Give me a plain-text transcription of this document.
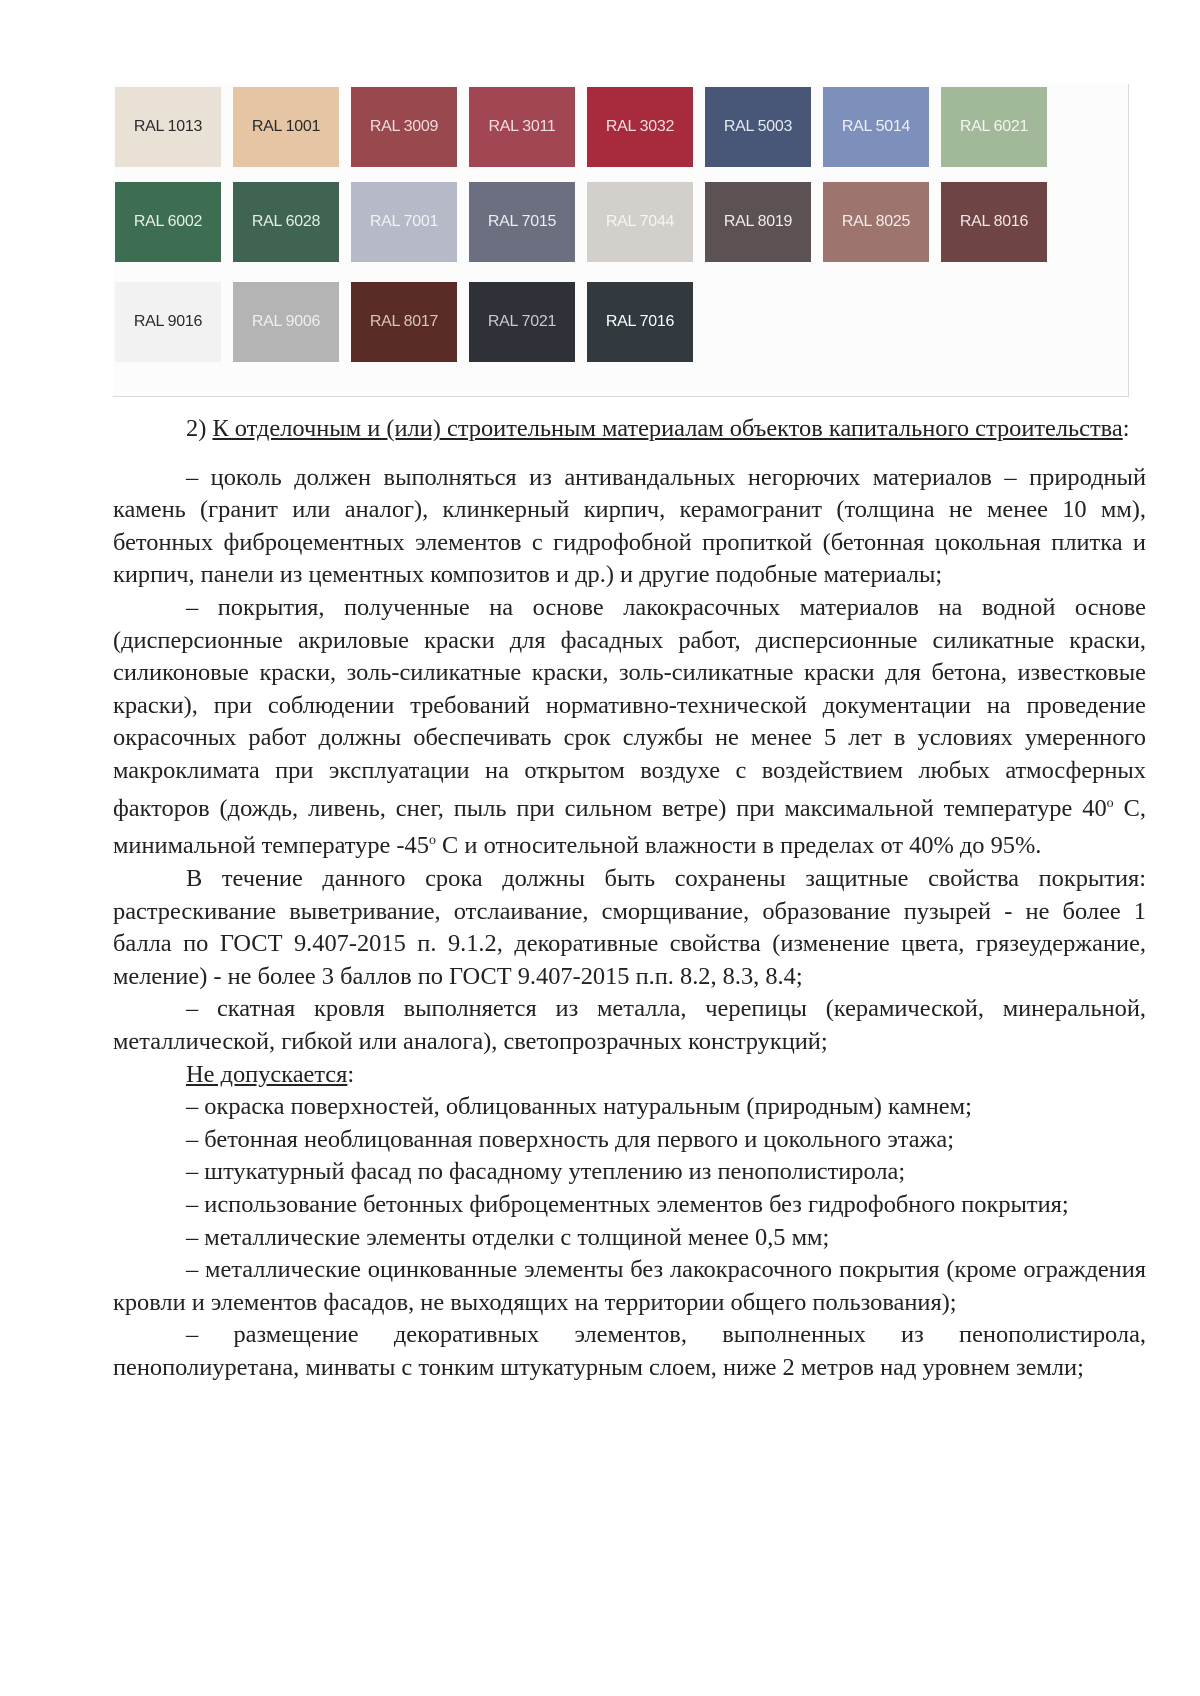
RAL 1013	RAL 1001	RAL 3009	RAL 3011	RAL 3032	RAL 5003	RAL 5014	RAL 6021
RAL 6002	RAL 6028	RAL 7001	RAL 7015	RAL 7044	RAL 8019	RAL 8025	RAL 8016
RAL 9016	RAL 9006	RAL 8017	RAL 7021	RAL 7016

2) К отделочным и (или) строительным материалам объектов капитального строительства:

– цоколь должен выполняться из антивандальных негорючих материалов – природный камень (гранит или аналог), клинкерный кирпич, керамогранит (толщина не менее 10 мм), бетонных фиброцементных элементов с гидрофобной пропиткой (бетонная цокольная плитка и кирпич, панели из цементных композитов и др.) и другие подобные материалы;

– покрытия, полученные на основе лакокрасочных материалов на водной основе (дисперсионные акриловые краски для фасадных работ, дисперсионные силикатные краски, силиконовые краски, золь-силикатные краски, золь-силикатные краски для бетона, известковые краски), при соблюдении требований нормативно-технической документации на проведение окрасочных работ должны обеспечивать срок службы не менее 5 лет в условиях умеренного макроклимата при эксплуатации на открытом воздухе с воздействием любых атмосферных факторов (дождь, ливень, снег, пыль при сильном ветре) при максимальной температуре 40$^o$ С, минимальной температуре -45$^o$ С и относительной влажности в пределах от 40% до 95%.

В течение данного срока должны быть сохранены защитные свойства покрытия: растрескивание выветривание, отслаивание, сморщивание, образование пузырей - не более 1 балла по ГОСТ 9.407-2015 п. 9.1.2, декоративные свойства (изменение цвета, грязеудержание, меление) - не более 3 баллов по ГОСТ 9.407-2015 п.п. 8.2, 8.3, 8.4;

– скатная кровля выполняется из металла, черепицы (керамической, минеральной, металлической, гибкой или аналога), светопрозрачных конструкций;

Не допускается:

– окраска поверхностей, облицованных натуральным (природным) камнем;

– бетонная необлицованная поверхность для первого и цокольного этажа;

– штукатурный фасад по фасадному утеплению из пенополистирола;

– использование бетонных фиброцементных элементов без гидрофобного покрытия;

– металлические элементы отделки с толщиной менее 0,5 мм;

– металлические оцинкованные элементы без лакокрасочного покрытия (кроме ограждения кровли и элементов фасадов, не выходящих на территории общего пользования);

– размещение декоративных элементов, выполненных из пенополистирола, пенополиуретана, минваты с тонким штукатурным слоем, ниже 2 метров над уровнем земли;
